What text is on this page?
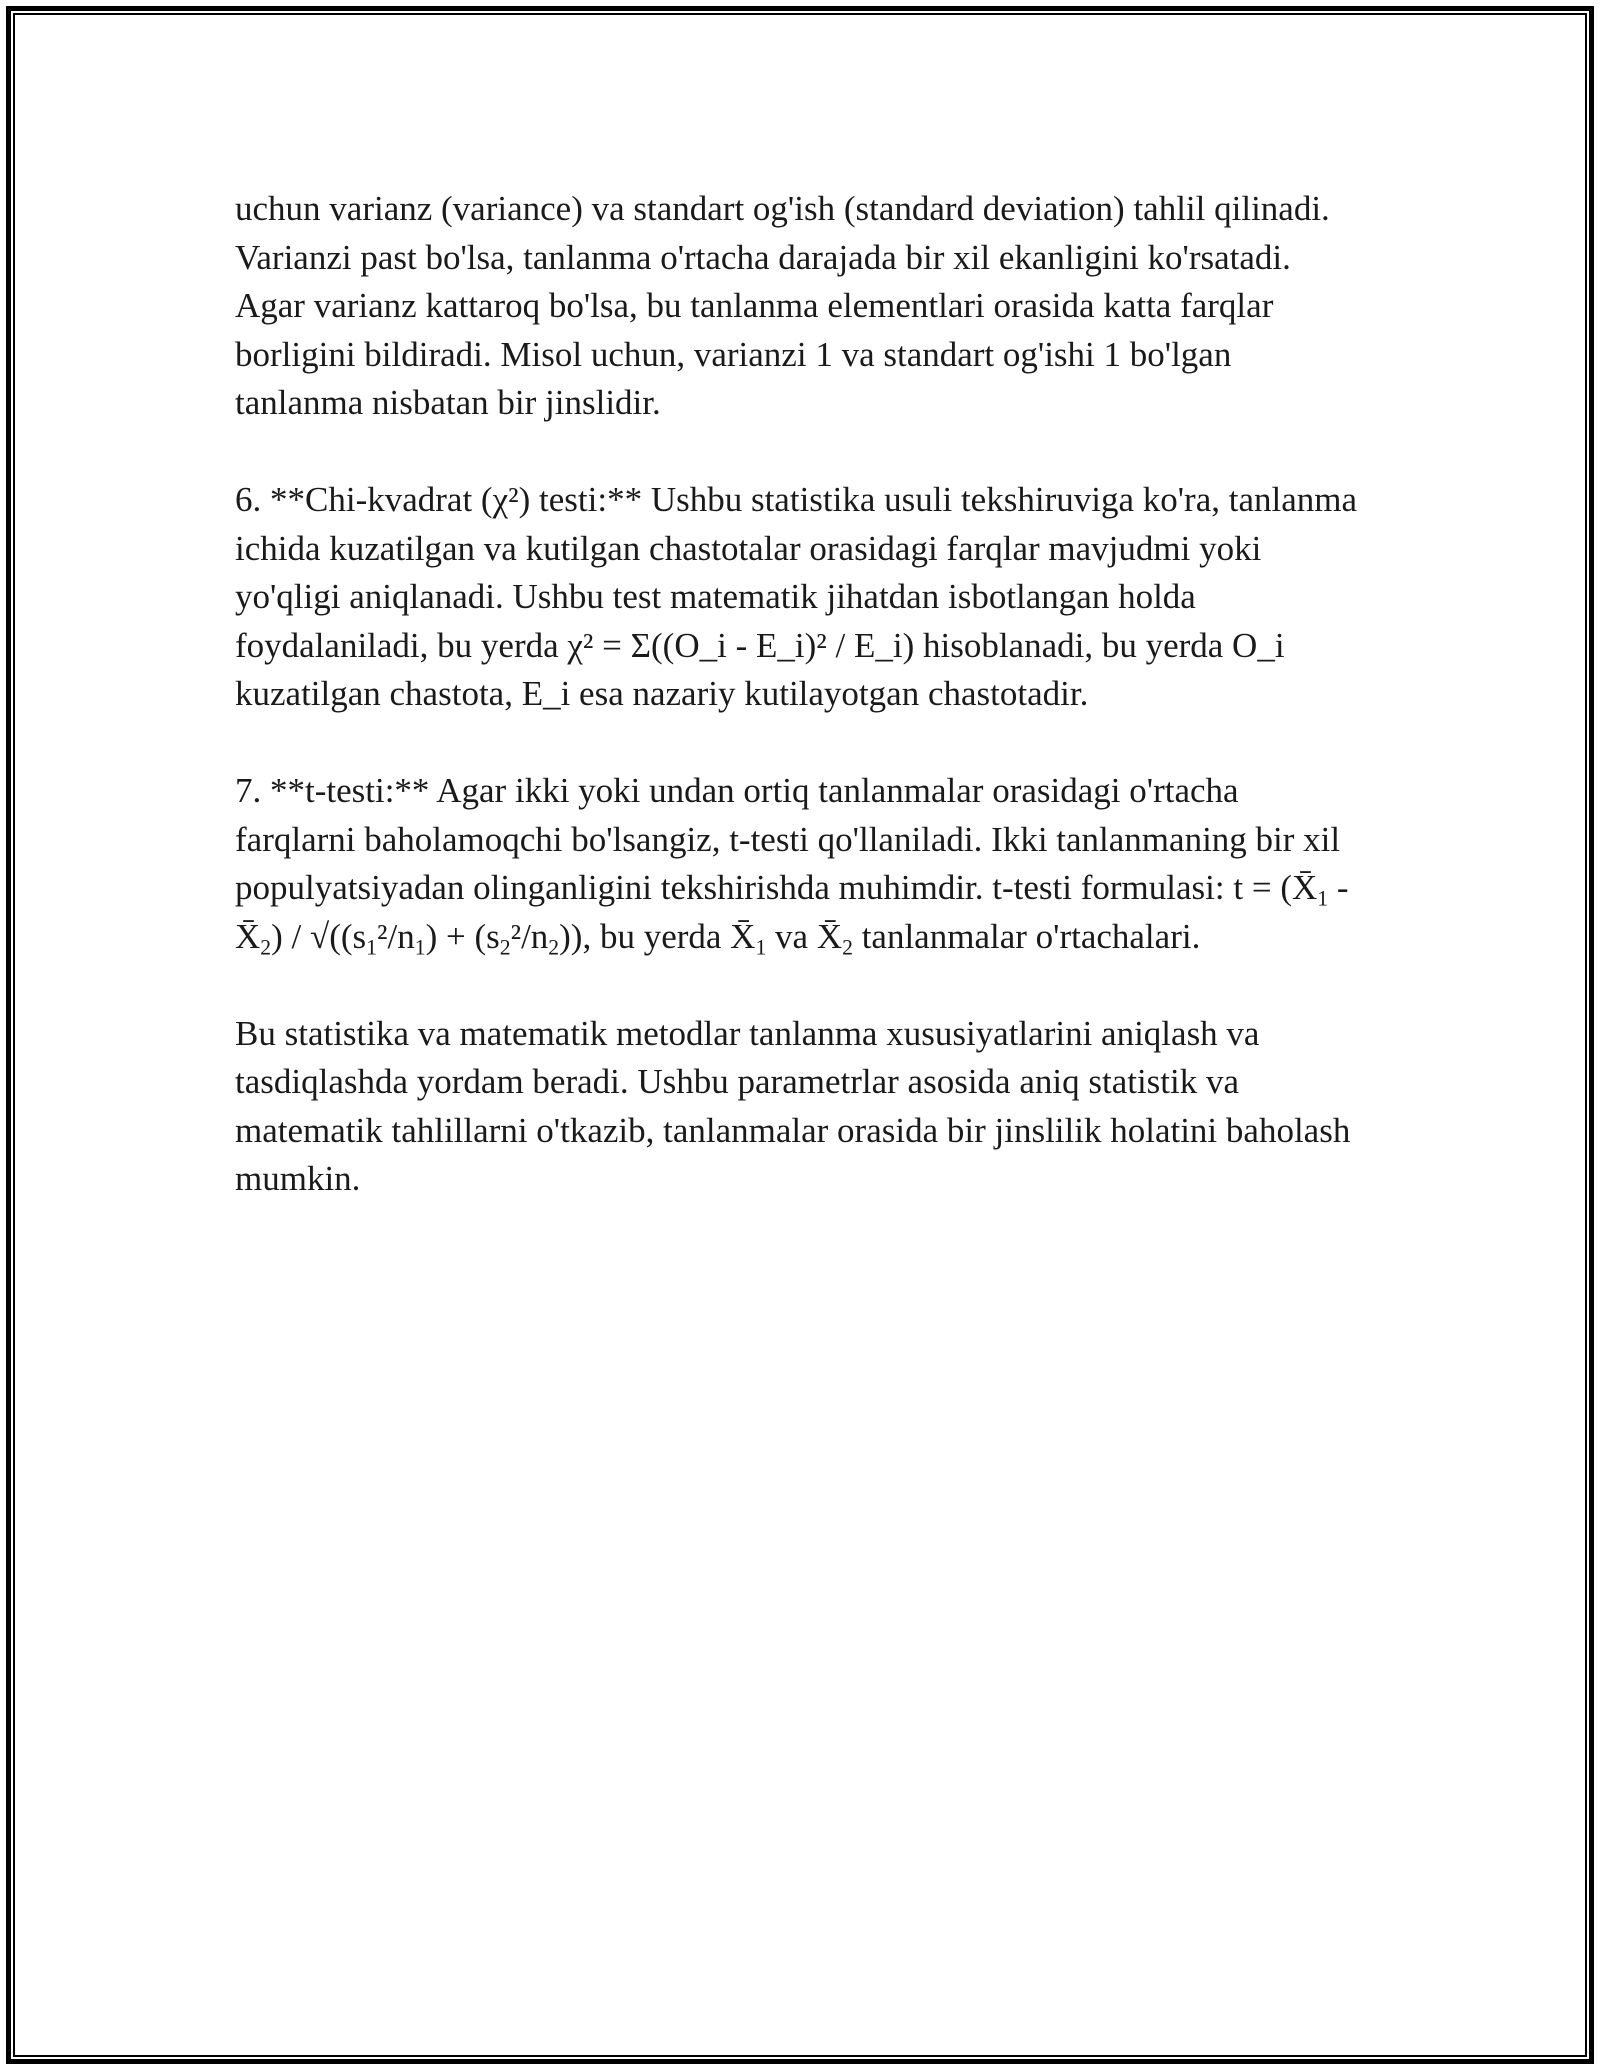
uchun varianz (variance) va standart og'ish (standard deviation) tahlil qilinadi. Varianzi past bo'lsa, tanlanma o'rtacha darajada bir xil ekanligini ko'rsatadi. Agar varianz kattaroq bo'lsa, bu tanlanma elementlari orasida katta farqlar borligini bildiradi. Misol uchun, varianzi 1 va standart og'ishi 1 bo'lgan tanlanma nisbatan bir jinslidir.

6. **Chi-kvadrat (χ²) testi:** Ushbu statistika usuli tekshiruviga ko'ra, tanlanma ichida kuzatilgan va kutilgan chastotalar orasidagi farqlar mavjudmi yoki yo'qligi aniqlanadi. Ushbu test matematik jihatdan isbotlangan holda foydalaniladi, bu yerda χ² = Σ((O_i - E_i)² / E_i) hisoblanadi, bu yerda O_i kuzatilgan chastota, E_i esa nazariy kutilayotgan chastotadir.

7. **t-testi:** Agar ikki yoki undan ortiq tanlanmalar orasidagi o'rtacha farqlarni baholamoqchi bo'lsangiz, t-testi qo'llaniladi. Ikki tanlanmaning bir xil populyatsiyadan olinganligini tekshirishda muhimdir. t-testi formulasi: $t = (X̄_1$ - $X̄_2) / √((s_1^2/n_1) + (s_2^2/n_2))$, bu yerda $X̄_1$ va $X̄_2$ tanlanmalar o'rtachalari.

Bu statistika va matematik metodlar tanlanma xususiyatlarini aniqlash va tasdiqlashda yordam beradi. Ushbu parametrlar asosida aniq statistik va matematik tahlillarni o'tkazib, tanlanmalar orasida bir jinslilik holatini baholash mumkin.
